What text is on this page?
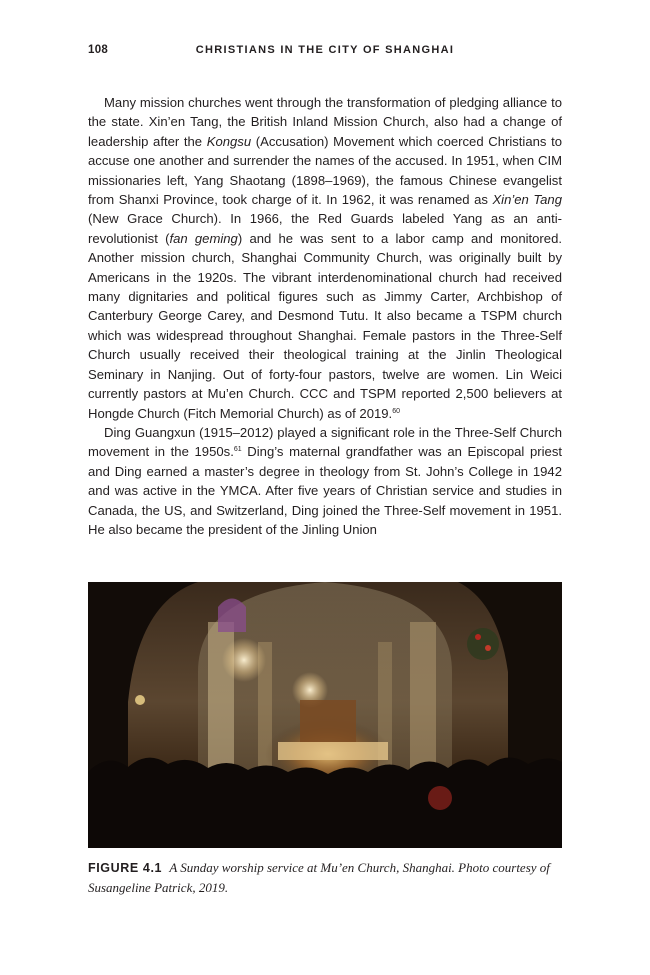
108	CHRISTIANS IN THE CITY OF SHANGHAI

Many mission churches went through the transformation of pledging alliance to the state. Xin’en Tang, the British Inland Mission Church, also had a change of leadership after the Kongsu (Accusation) Movement which coerced Christians to accuse one another and surrender the names of the accused. In 1951, when CIM missionaries left, Yang Shaotang (1898–1969), the famous Chinese evangelist from Shanxi Province, took charge of it. In 1962, it was renamed as Xin’en Tang (New Grace Church). In 1966, the Red Guards labeled Yang as an anti-revolutionist (fan geming) and he was sent to a labor camp and monitored. Another mission church, Shanghai Community Church, was originally built by Americans in the 1920s. The vibrant interdenominational church had received many dignitaries and political figures such as Jimmy Carter, Archbishop of Canterbury George Carey, and Desmond Tutu. It also became a TSPM church which was widespread throughout Shanghai. Female pastors in the Three-Self Church usually received their theological training at the Jinlin Theological Seminary in Nanjing. Out of forty-four pastors, twelve are women. Lin Weici currently pastors at Mu’en Church. CCC and TSPM reported 2,500 believers at Hongde Church (Fitch Memorial Church) as of 2019.60

Ding Guangxun (1915–2012) played a significant role in the Three-Self Church movement in the 1950s.$^{61}$ Ding’s maternal grandfather was an Episcopal priest and Ding earned a master’s degree in theology from St. John’s College in 1942 and was active in the YMCA. After five years of Christian service and studies in Canada, the US, and Switzerland, Ding joined the Three-Self movement in 1951. He also became the president of the Jinling Union

FIGURE 4.1 A Sunday worship service at Mu’en Church, Shanghai. Photo courtesy of Susangeline Patrick, 2019.
